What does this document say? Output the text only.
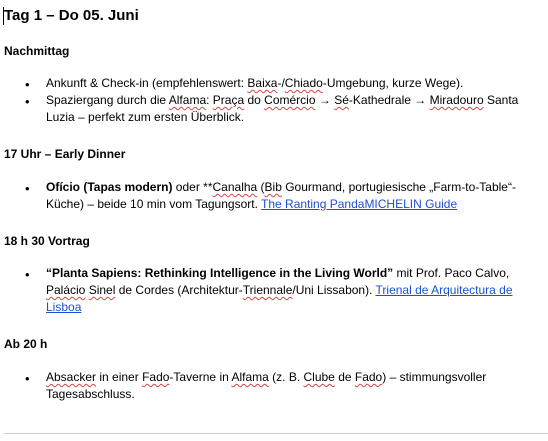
Tag 1 – Do 05. Juni
Nachmittag
• Ankunft & Check-in (empfehlenswert: Baixa-/Chiado-Umgebung, kurze Wege).
• Spaziergang durch die Alfama: Praça do Comércio → Sé-Kathedrale → Miradouro Santa Luzia – perfekt zum ersten Überblick.
17 Uhr – Early Dinner
• Ofício (Tapas modern) oder **Canalha (Bib Gourmand, portugiesische „Farm-to-Table“-Küche) – beide 10 min vom Tagungsort. The Ranting PandaMICHELIN Guide
18 h 30 Vortrag
• “Planta Sapiens: Rethinking Intelligence in the Living World” mit Prof. Paco Calvo, Palácio Sinel de Cordes (Architektur-Triennale/Uni Lissabon). Trienal de Arquitectura de Lisboa
Ab 20 h
• Absacker in einer Fado-Taverne in Alfama (z. B. Clube de Fado) – stimmungsvoller Tagesabschluss.
